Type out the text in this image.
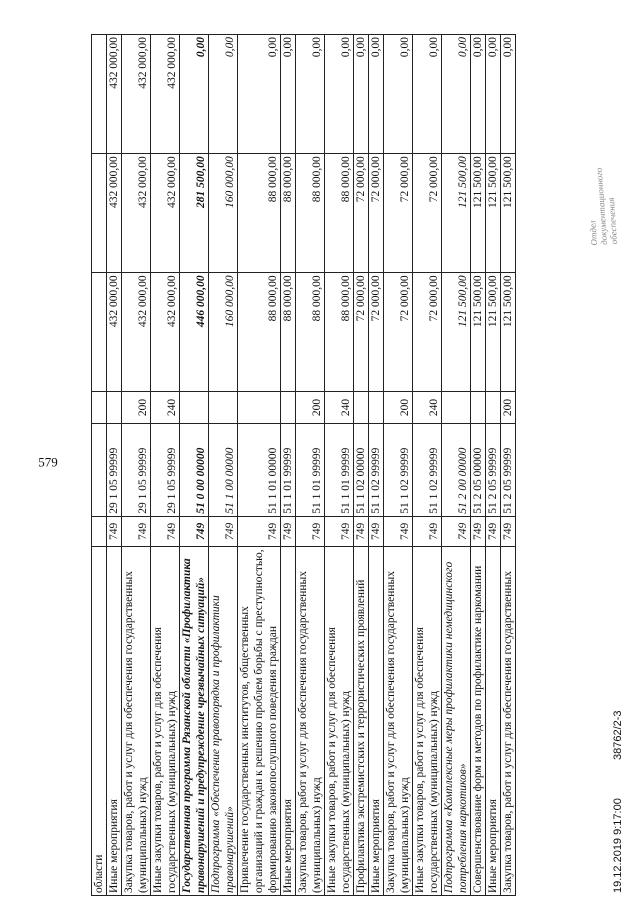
579
области						
Иные мероприятия	749	29 1 05 99999		432 000,00	432 000,00	432 000,00
Закупка товаров, работ и услуг для обеспечения государственных (муниципальных) нужд	749	29 1 05 99999	200	432 000,00	432 000,00	432 000,00
Иные закупки товаров, работ и услуг для обеспечения государственных (муниципальных) нужд	749	29 1 05 99999	240	432 000,00	432 000,00	432 000,00
Государственная программа Рязанской области «Профилактика правонарушений и предупреждение чрезвычайных ситуаций»	749	51 0 00 00000		446 000,00	281 500,00	0,00
Подпрограмма «Обеспечение правопорядка и профилактики правонарушений»	749	51 1 00 00000		160 000,00	160 000,00	0,00
Привлечение государственных институтов, общественных организаций и граждан к решению проблем борьбы с преступностью, формированию законопослушного поведения граждан	749	51 1 01 00000		88 000,00	88 000,00	0,00
Иные мероприятия	749	51 1 01 99999		88 000,00	88 000,00	0,00
Закупка товаров, работ и услуг для обеспечения государственных (муниципальных) нужд	749	51 1 01 99999	200	88 000,00	88 000,00	0,00
Иные закупки товаров, работ и услуг для обеспечения государственных (муниципальных) нужд	749	51 1 01 99999	240	88 000,00	88 000,00	0,00
Профилактика экстремистских и террористических проявлений	749	51 1 02 00000		72 000,00	72 000,00	0,00
Иные мероприятия	749	51 1 02 99999		72 000,00	72 000,00	0,00
Закупка товаров, работ и услуг для обеспечения государственных (муниципальных) нужд	749	51 1 02 99999	200	72 000,00	72 000,00	0,00
Иные закупки товаров, работ и услуг для обеспечения государственных (муниципальных) нужд	749	51 1 02 99999	240	72 000,00	72 000,00	0,00
Подпрограмма «Комплексные меры профилактики немедицинского потребления наркотиков»	749	51 2 00 00000		121 500,00	121 500,00	0,00
Совершенствование форм и методов по профилактике наркомании	749	51 2 05 00000		121 500,00	121 500,00	0,00
Иные мероприятия	749	51 2 05 99999		121 500,00	121 500,00	0,00
Закупка товаров, работ и услуг для обеспечения государственных	749	51 2 05 99999	200	121 500,00	121 500,00	0,00
Отдел документационного
обеспечения
19.12.2019 9:17:00
38762/2-3
